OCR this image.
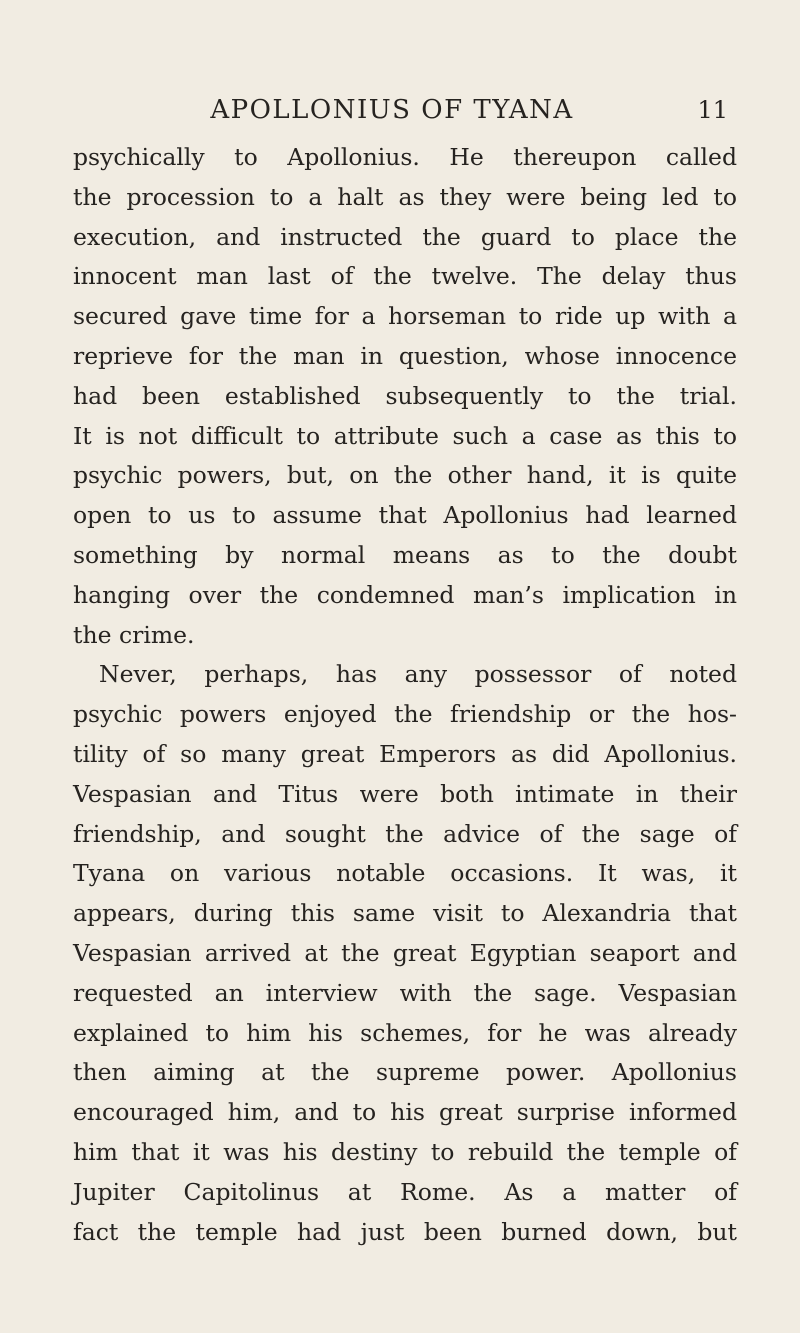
APOLLONIUS OF TYANA	11
psychically to Apollonius. He thereupon called
the procession to a halt as they were being led to
execution, and instructed the guard to place the
innocent man last of the twelve. The delay thus
secured gave time for a horseman to ride up with a
reprieve for the man in question, whose innocence
had been established subsequently to the trial.
It is not difficult to attribute such a case as this to
psychic powers, but, on the other hand, it is quite
open to us to assume that Apollonius had learned
something by normal means as to the doubt
hanging over the condemned man’s implication in
the crime.
Never, perhaps, has any possessor of noted
psychic powers enjoyed the friendship or the hos-
tility of so many great Emperors as did Apollonius.
Vespasian and Titus were both intimate in their
friendship, and sought the advice of the sage of
Tyana on various notable occasions. It was, it
appears, during this same visit to Alexandria that
Vespasian arrived at the great Egyptian seaport and
requested an interview with the sage. Vespasian
explained to him his schemes, for he was already
then aiming at the supreme power. Apollonius
encouraged him, and to his great surprise informed
him that it was his destiny to rebuild the temple of
Jupiter Capitolinus at Rome. As a matter of
fact the temple had just been burned down, but
